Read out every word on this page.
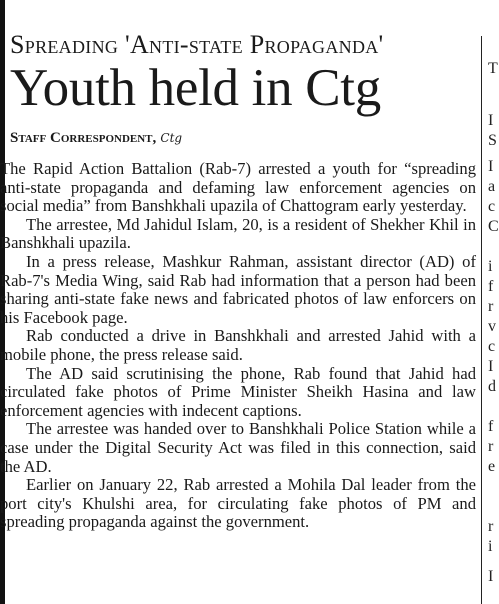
Spreading 'Anti-state Propaganda'
Youth held in Ctg
Staff Correspondent, Ctg

The Rapid Action Battalion (Rab-7) arrested a youth for “spreading anti-state propaganda and defaming law enforcement agencies on social media” from Banshkhali upazila of Chattogram early yesterday.

The arrestee, Md Jahidul Islam, 20, is a resident of Shekher Khil in Banshkhali upazila.

In a press release, Mashkur Rahman, assistant director (AD) of Rab-7's Media Wing, said Rab had information that a person had been sharing anti-state fake news and fabricated photos of law enforcers on his Facebook page.

Rab conducted a drive in Banshkhali and arrested Jahid with a mobile phone, the press release said.

The AD said scrutinising the phone, Rab found that Jahid had circulated fake photos of Prime Minister Sheikh Hasina and law enforcement agencies with indecent captions.

The arrestee was handed over to Banshkhali Police Station while a case under the Digital Security Act was filed in this connection, said the AD.

Earlier on January 22, Rab arrested a Mohila Dal leader from the port city's Khulshi area, for circulating fake photos of PM and spreading propaganda against the government.

T
I
S
I
a
c
C
i
f
r
v
c
I
d
f
r
e
r
i
I
